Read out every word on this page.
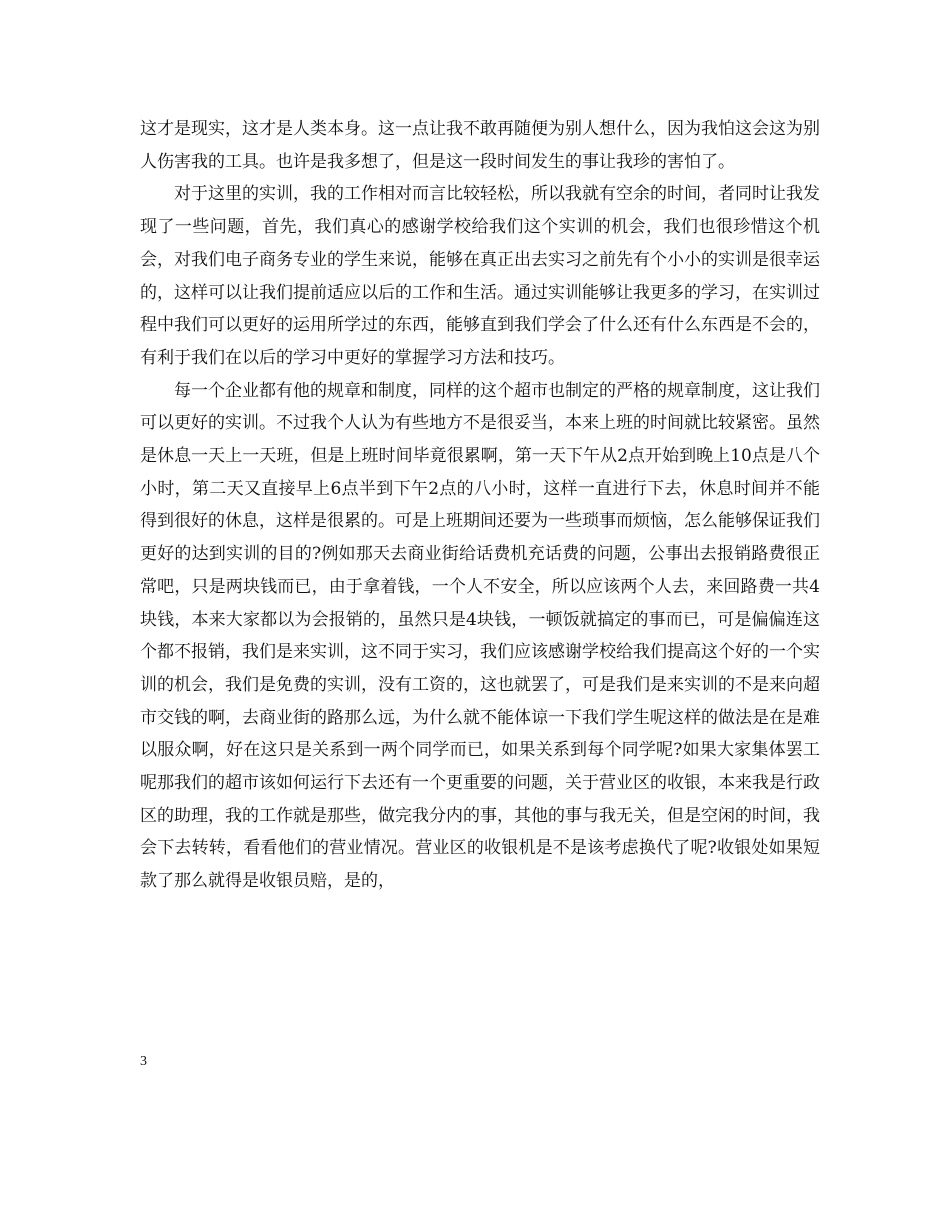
这才是现实，这才是人类本身。这一点让我不敢再随便为别人想什么，因为我怕这会这为别人伤害我的工具。也许是我多想了，但是这一段时间发生的事让我珍的害怕了。

对于这里的实训，我的工作相对而言比较轻松，所以我就有空余的时间，者同时让我发现了一些问题，首先，我们真心的感谢学校给我们这个实训的机会，我们也很珍惜这个机会，对我们电子商务专业的学生来说，能够在真正出去实习之前先有个小小的实训是很幸运的，这样可以让我们提前适应以后的工作和生活。通过实训能够让我更多的学习，在实训过程中我们可以更好的运用所学过的东西，能够直到我们学会了什么还有什么东西是不会的，有利于我们在以后的学习中更好的掌握学习方法和技巧。

每一个企业都有他的规章和制度，同样的这个超市也制定的严格的规章制度，这让我们可以更好的实训。不过我个人认为有些地方不是很妥当，本来上班的时间就比较紧密。虽然是休息一天上一天班，但是上班时间毕竟很累啊，第一天下午从2点开始到晚上10点是八个小时，第二天又直接早上6点半到下午2点的八小时，这样一直进行下去，休息时间并不能得到很好的休息，这样是很累的。可是上班期间还要为一些琐事而烦恼，怎么能够保证我们更好的达到实训的目的?例如那天去商业街给话费机充话费的问题，公事出去报销路费很正常吧，只是两块钱而已，由于拿着钱，一个人不安全，所以应该两个人去，来回路费一共4块钱，本来大家都以为会报销的，虽然只是4块钱，一顿饭就搞定的事而已，可是偏偏连这个都不报销，我们是来实训，这不同于实习，我们应该感谢学校给我们提高这个好的一个实训的机会，我们是免费的实训，没有工资的，这也就罢了，可是我们是来实训的不是来向超市交钱的啊，去商业街的路那么远，为什么就不能体谅一下我们学生呢这样的做法是在是难以服众啊，好在这只是关系到一两个同学而已，如果关系到每个同学呢?如果大家集体罢工呢那我们的超市该如何运行下去还有一个更重要的问题，关于营业区的收银，本来我是行政区的助理，我的工作就是那些，做完我分内的事，其他的事与我无关，但是空闲的时间，我会下去转转，看看他们的营业情况。营业区的收银机是不是该考虑换代了呢?收银处如果短款了那么就得是收银员赔，是的，

3
